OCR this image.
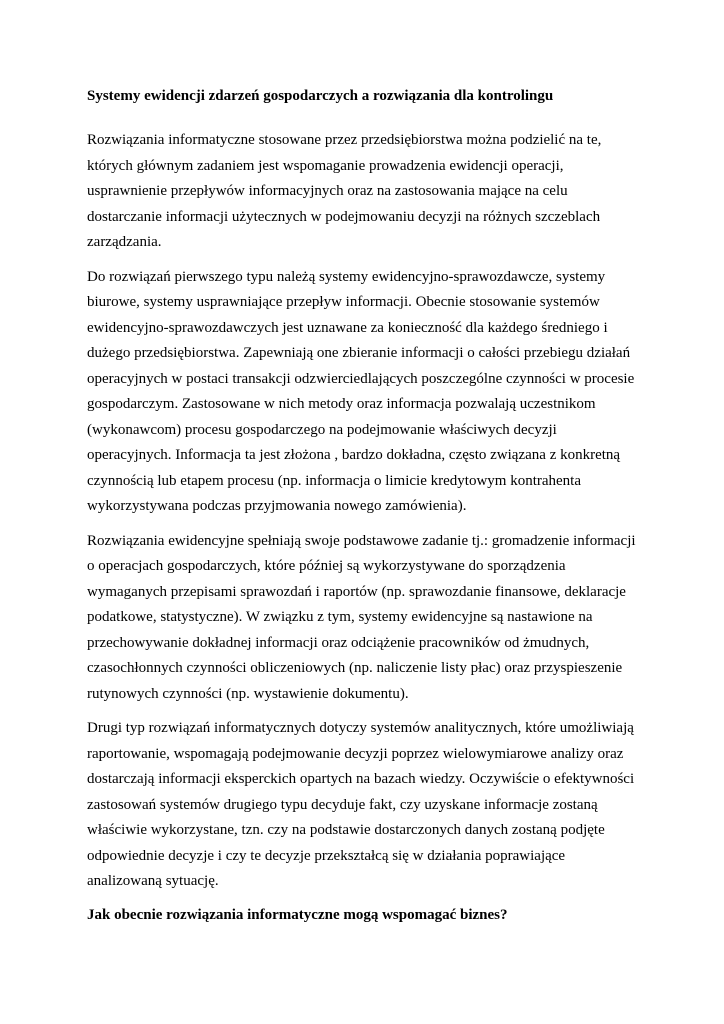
Systemy ewidencji zdarzeń gospodarczych a rozwiązania dla kontrolingu

Rozwiązania informatyczne stosowane przez przedsiębiorstwa można podzielić na te, których głównym zadaniem jest wspomaganie prowadzenia ewidencji operacji, usprawnienie przepływów informacyjnych oraz na zastosowania mające na celu dostarczanie informacji użytecznych w podejmowaniu decyzji na różnych szczeblach zarządzania.

Do rozwiązań pierwszego typu należą systemy ewidencyjno-sprawozdawcze, systemy biurowe, systemy usprawniające przepływ informacji. Obecnie stosowanie systemów ewidencyjno-sprawozdawczych jest uznawane za konieczność dla każdego średniego i dużego przedsiębiorstwa. Zapewniają one zbieranie informacji o całości przebiegu działań operacyjnych w postaci transakcji odzwierciedlających poszczególne czynności w procesie gospodarczym. Zastosowane w nich metody oraz informacja pozwalają uczestnikom (wykonawcom) procesu gospodarczego na podejmowanie właściwych decyzji operacyjnych. Informacja ta jest złożona , bardzo dokładna, często związana z konkretną czynnością lub etapem procesu (np. informacja o limicie kredytowym kontrahenta wykorzystywana podczas przyjmowania nowego zamówienia).

Rozwiązania ewidencyjne spełniają swoje podstawowe zadanie tj.: gromadzenie informacji o operacjach gospodarczych, które później są wykorzystywane do sporządzenia wymaganych przepisami sprawozdań i raportów (np. sprawozdanie finansowe, deklaracje podatkowe, statystyczne). W związku z tym, systemy ewidencyjne są nastawione na przechowywanie dokładnej informacji oraz odciążenie pracowników od żmudnych, czasochłonnych czynności obliczeniowych (np. naliczenie listy płac) oraz przyspieszenie rutynowych czynności (np. wystawienie dokumentu).

Drugi typ rozwiązań informatycznych dotyczy systemów analitycznych, które umożliwiają raportowanie, wspomagają podejmowanie decyzji poprzez wielowymiarowe analizy oraz dostarczają informacji eksperckich opartych na bazach wiedzy. Oczywiście o efektywności zastosowań systemów drugiego typu decyduje fakt, czy uzyskane informacje zostaną właściwie wykorzystane, tzn. czy na podstawie dostarczonych danych zostaną podjęte odpowiednie decyzje i czy te decyzje przekształcą się w działania poprawiające analizowaną sytuację.

Jak obecnie rozwiązania informatyczne mogą wspomagać biznes?
